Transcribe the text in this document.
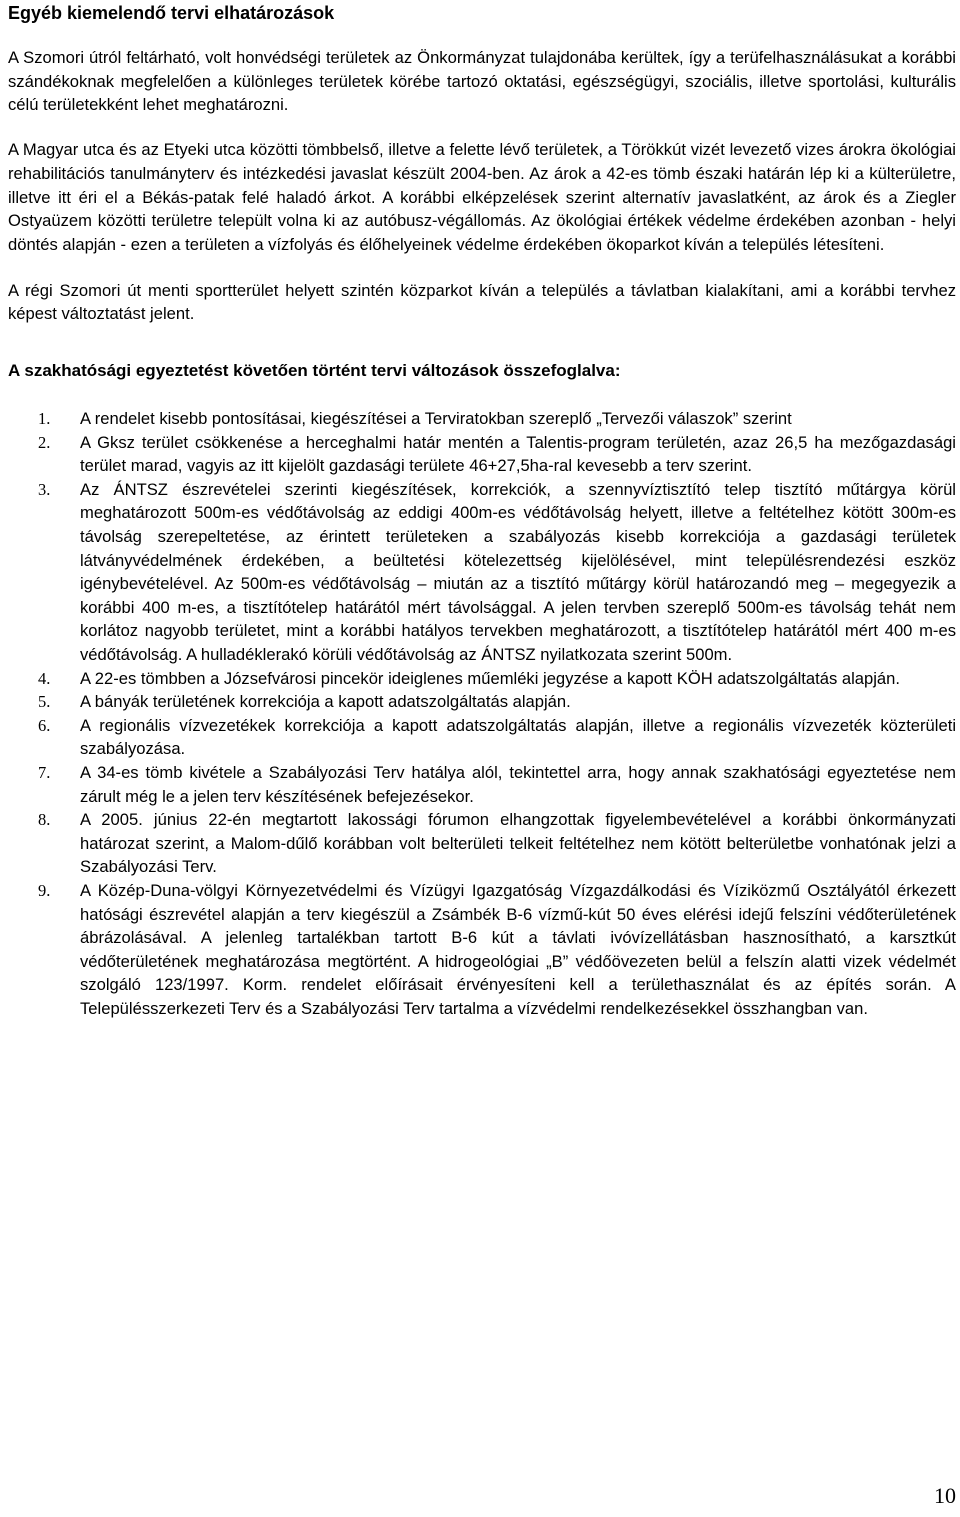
Egyéb kiemelendő tervi elhatározások

A Szomori útról feltárható, volt honvédségi területek az Önkormányzat tulajdonába kerültek, így a terüfelhasználásukat a korábbi szándékoknak megfelelően a különleges területek körébe tartozó oktatási, egészségügyi, szociális, illetve sportolási, kulturális célú területekként lehet meghatározni.

A Magyar utca és az Etyeki utca közötti tömbbelső, illetve a felette lévő területek, a Törökkút vizét levezető vizes árokra ökológiai rehabilitációs tanulmányterv és intézkedési javaslat készült 2004-ben. Az árok a 42-es tömb északi határán lép ki a külterületre, illetve itt éri el a Békás-patak felé haladó árkot. A korábbi elképzelések szerint alternatív javaslatként, az árok és a Ziegler Ostyaüzem közötti területre települt volna ki az autóbusz-végállomás. Az ökológiai értékek védelme érdekében azonban - helyi döntés alapján - ezen a területen a vízfolyás és élőhelyeinek védelme érdekében ökoparkot kíván a település létesíteni.

A régi Szomori út menti sportterület helyett szintén közparkot kíván a település a távlatban kialakítani, ami a korábbi tervhez képest változtatást jelent.

A szakhatósági egyeztetést követően történt tervi változások összefoglalva:
1. A rendelet kisebb pontosításai, kiegészítései a Terviratokban szereplő „Tervezői válaszok” szerint
2. A Gksz terület csökkenése a herceghalmi határ mentén a Talentis-program területén, azaz 26,5 ha mezőgazdasági terület marad, vagyis az itt kijelölt gazdasági területe 46+27,5ha-ral kevesebb a terv szerint.
3. Az ÁNTSZ észrevételei szerinti kiegészítések, korrekciók, a szennyvíztisztító telep tisztító műtárgya körül meghatározott 500m-es védőtávolság az eddigi 400m-es védőtávolság helyett, illetve a feltételhez kötött 300m-es távolság szerepeltetése, az érintett területeken a szabályozás kisebb korrekciója a gazdasági területek látványvédelmének érdekében, a beültetési kötelezettség kijelölésével, mint településrendezési eszköz igénybevételével. Az 500m-es védőtávolság – miután az a tisztító műtárgy körül határozandó meg – megegyezik a korábbi 400 m-es, a tisztítótelep határától mért távolsággal. A jelen tervben szereplő 500m-es távolság tehát nem korlátoz nagyobb területet, mint a korábbi hatályos tervekben meghatározott, a tisztítótelep határától mért 400 m-es védőtávolság. A hulladéklerakó körüli védőtávolság az ÁNTSZ nyilatkozata szerint 500m.
4. A 22-es tömbben a Józsefvárosi pincekör ideiglenes műemléki jegyzése a kapott KÖH adatszolgáltatás alapján.
5. A bányák területének korrekciója a kapott adatszolgáltatás alapján.
6. A regionális vízvezetékek korrekciója a kapott adatszolgáltatás alapján, illetve a regionális vízvezeték közterületi szabályozása.
7. A 34-es tömb kivétele a Szabályozási Terv hatálya alól, tekintettel arra, hogy annak szakhatósági egyeztetése nem zárult még le a jelen terv készítésének befejezésekor.
8. A 2005. június 22-én megtartott lakossági fórumon elhangzottak figyelembevételével a korábbi önkormányzati határozat szerint, a Malom-dűlő korábban volt belterületi telkeit feltételhez nem kötött belterületbe vonhatónak jelzi a Szabályozási Terv.
9. A Közép-Duna-völgyi Környezetvédelmi és Vízügyi Igazgatóság Vízgazdálkodási és Víziközmű Osztályától érkezett hatósági észrevétel alapján a terv kiegészül a Zsámbék B-6 vízmű-kút 50 éves elérési idejű felszíni védőterületének ábrázolásával. A jelenleg tartalékban tartott B-6 kút a távlati ivóvízellátásban hasznosítható, a karsztkút védőterületének meghatározása megtörtént. A hidrogeológiai „B” védőövezeten belül a felszín alatti vizek védelmét szolgáló 123/1997. Korm. rendelet előírásait érvényesíteni kell a területhasználat és az építés során. A Településszerkezeti Terv és a Szabályozási Terv tartalma a vízvédelmi rendelkezésekkel összhangban van.
10
